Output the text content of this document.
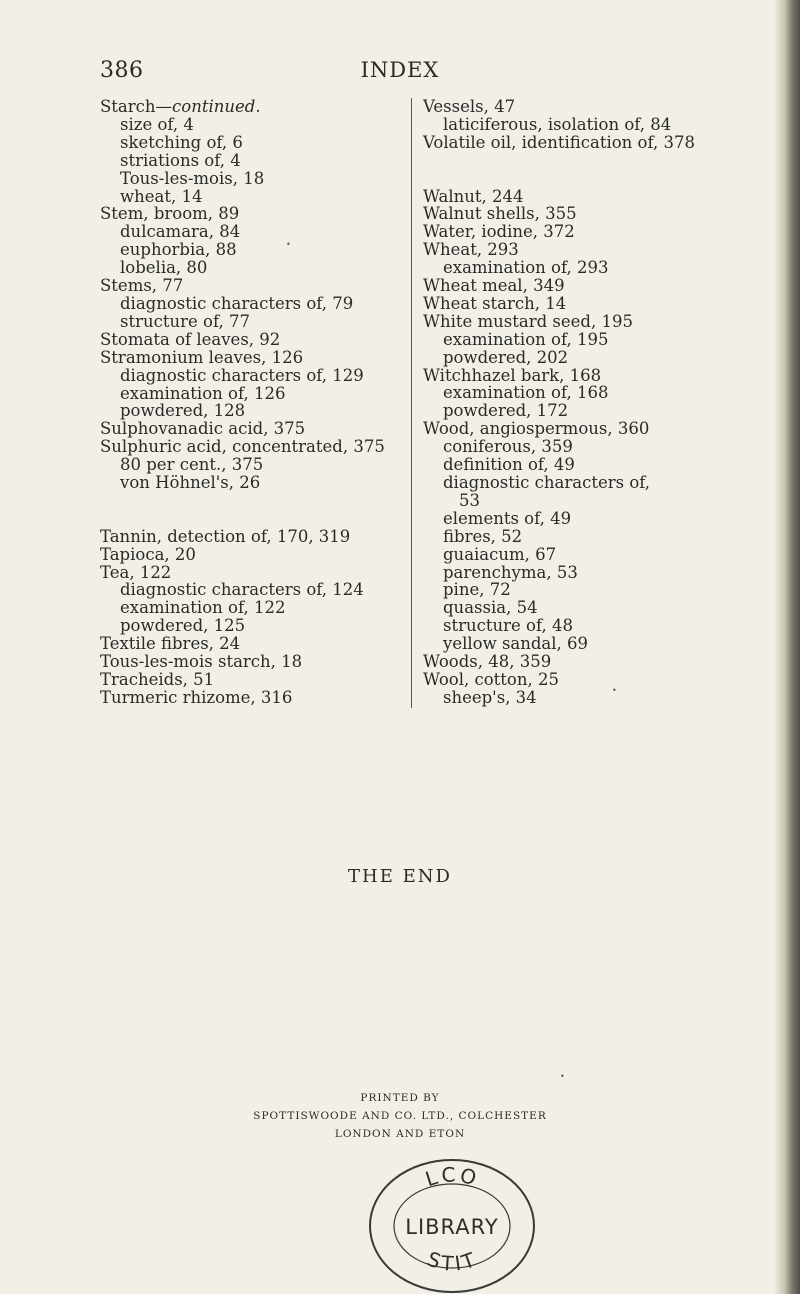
386	INDEX
Starch—continued.
size of, 4
sketching of, 6
striations of, 4
Tous-les-mois, 18
wheat, 14
Stem, broom, 89
dulcamara, 84
euphorbia, 88
lobelia, 80
Stems, 77
diagnostic characters of, 79
structure of, 77
Stomata of leaves, 92
Stramonium leaves, 126
diagnostic characters of, 129
examination of, 126
powdered, 128
Sulphovanadic acid, 375
Sulphuric acid, concentrated, 375
80 per cent., 375
von Höhnel's, 26
Tannin, detection of, 170, 319
Tapioca, 20
Tea, 122
diagnostic characters of, 124
examination of, 122
powdered, 125
Textile fibres, 24
Tous-les-mois starch, 18
Tracheids, 51
Turmeric rhizome, 316
Vessels, 47
laticiferous, isolation of, 84
Volatile oil, identification of, 378
Walnut, 244
Walnut shells, 355
Water, iodine, 372
Wheat, 293
examination of, 293
Wheat meal, 349
Wheat starch, 14
White mustard seed, 195
examination of, 195
powdered, 202
Witchhazel bark, 168
examination of, 168
powdered, 172
Wood, angiospermous, 360
coniferous, 359
definition of, 49
diagnostic characters of,
53
elements of, 49
fibres, 52
guaiacum, 67
parenchyma, 53
pine, 72
quassia, 54
structure of, 48
yellow sandal, 69
Woods, 48, 359
Wool, cotton, 25
sheep's, 34
THE END
PRINTED BY
SPOTTISWOODE AND CO. LTD., COLCHESTER
LONDON AND ETON
LCO
LIBRARY
STIT
•
•
•
